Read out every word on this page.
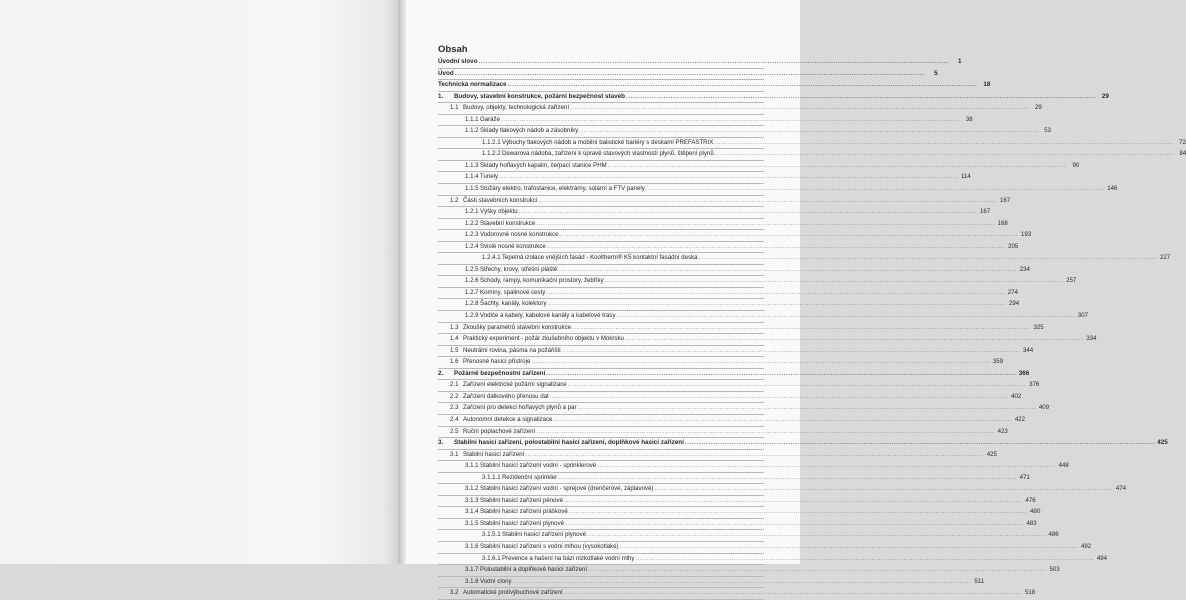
Obsah
Úvodní slovo ........................................................................................................................................................................................................	1
Úvod ........................................................................................................................................................................................................	5
Technická normalizace ........................................................................................................................................................................................................ 18
1.	Budovy, stavební konstrukce, požární bezpečnost staveb ........................................................................................................................................................................................................ 29
1.1 Budovy, objekty, technologická zařízení ........................................................................................................................................................................................................	29
1.1.1 Garáže ........................................................................................................................................................................................................	38
1.1.2 Sklady tlakových nádob a zásobníky ........................................................................................................................................................................................................	53
1.1.2.1 Výbuchy tlakových nádob a mobilní balistické bariéry s deskami PREFASTRIX ........................................................................................................................................................................................................	72
1.1.2.2 Dewarova nádoba, zařízení k úpravě stavových vlastností plynů, štěpení plynů ........................................................................................................................................................................................................	84
1.1.3 Sklady hořlavých kapalin, čerpací stanice PHM ........................................................................................................................................................................................................	90
1.1.4 Tunely ........................................................................................................................................................................................................ 114
1.1.5 Stožáry elektro, trafostanice, elektrárny, solární a FTV panely ........................................................................................................................................................................................................ 146
1.2 Části stavebních konstrukcí ........................................................................................................................................................................................................ 167
1.2.1 Výšky objektu ........................................................................................................................................................................................................ 167
1.2.2 Stavební konstrukce ........................................................................................................................................................................................................ 168
1.2.3 Vodorovné nosné konstrukce ........................................................................................................................................................................................................ 193
1.2.4 Svislé nosné konstrukce ........................................................................................................................................................................................................ 205
1.2.4.1 Tepelná izolace vnějších fasád - Kooltherm® K5 kontaktní fasádní deska ........................................................................................................................................................................................................ 227
1.2.5 Střechy, krovy, střešní pláště ........................................................................................................................................................................................................ 234
1.2.6 Schody, rampy, komunikační prostory, žebříky ........................................................................................................................................................................................................ 257
1.2.7 Komíny, spalinové cesty ........................................................................................................................................................................................................ 274
1.2.8 Šachty, kanály, kolektory ........................................................................................................................................................................................................ 294
1.2.9 Vodiče a kabely, kabelové kanály a kabelové trasy ........................................................................................................................................................................................................ 307
1.3 Zkoušky parametrů stavební konstrukce ........................................................................................................................................................................................................ 325
1.4 Praktický experiment - požár zkušebního objektu v Mokrsku ........................................................................................................................................................................................................ 334
1.5 Neutrální rovina, pásma na požářišti ........................................................................................................................................................................................................ 344
1.6 Přenosné hasicí přístroje ........................................................................................................................................................................................................ 359
2.	Požárně bezpečnostní zařízení ........................................................................................................................................................................................................ 366
2.1 Zařízení elektrické požární signalizace ........................................................................................................................................................................................................ 376
2.2 Zařízení dálkového přenosu dat ........................................................................................................................................................................................................ 402
2.3 Zařízení pro detekci hořlavých plynů a par ........................................................................................................................................................................................................ 409
2.4 Autonomní detekce a signalizace ........................................................................................................................................................................................................ 422
2.5 Ruční poplachové zařízení ........................................................................................................................................................................................................ 423
3.	Stabilní hasicí zařízení, polostabilní hasicí zařízení, doplňkové hasicí zařízení ........................................................................................................................................................................................................ 425
3.1 Stabilní hasicí zařízení ........................................................................................................................................................................................................ 425
3.1.1 Stabilní hasicí zařízení vodní - sprinklerové ........................................................................................................................................................................................................ 448
3.1.1.1 Rezidenční sprinkler ........................................................................................................................................................................................................ 471
3.1.2 Stabilní hasicí zařízení vodní - sprejové (drenčerové, záplavové) ........................................................................................................................................................................................................ 474
3.1.3 Stabilní hasicí zařízení pěnové ........................................................................................................................................................................................................ 476
3.1.4 Stabilní hasicí zařízení práškové ........................................................................................................................................................................................................ 480
3.1.5 Stabilní hasicí zařízení plynové ........................................................................................................................................................................................................ 483
3.1.5.1 Stabilní hasicí zařízení plynové ........................................................................................................................................................................................................ 486
3.1.6 Stabilní hasicí zařízení s vodní mlhou (vysokotlaké) ........................................................................................................................................................................................................ 492
3.1.6.1 Prevence a hašení na bázi nízkotlaké vodní mlhy ........................................................................................................................................................................................................ 494
3.1.7 Polostabilní a doplňkové hasicí zařízení ........................................................................................................................................................................................................ 503
3.1.8 Vodní clony ........................................................................................................................................................................................................ 511
3.2 Automatické protivýbuchové zařízení ........................................................................................................................................................................................................ 518
